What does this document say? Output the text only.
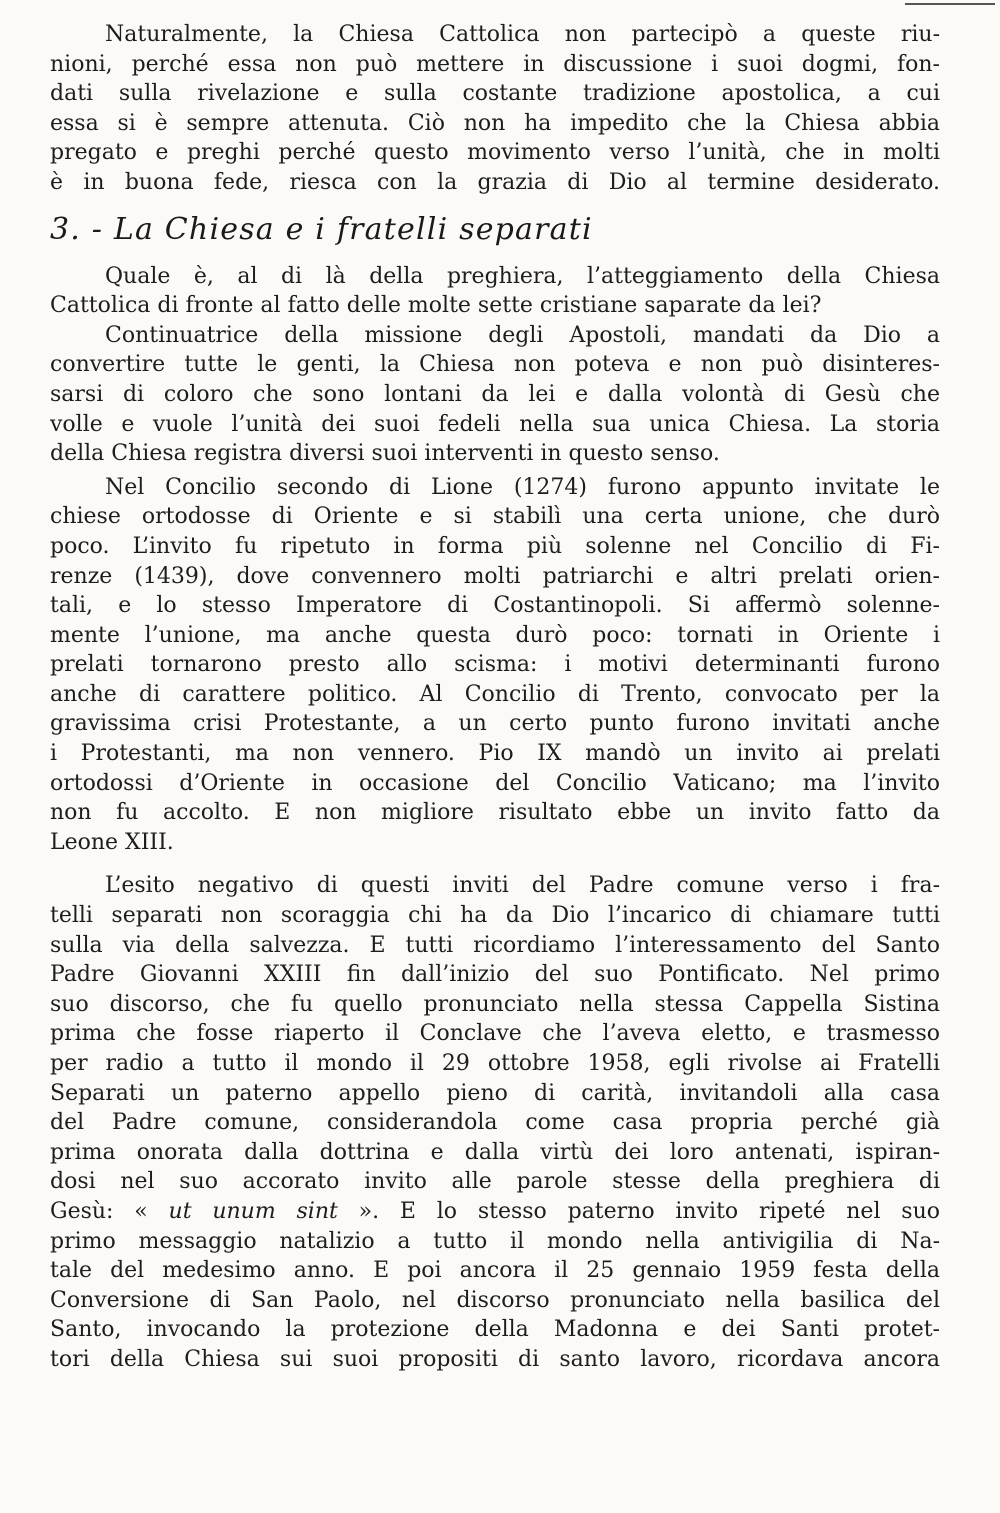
Naturalmente, la Chiesa Cattolica non partecipò a queste riu-

nioni, perché essa non può mettere in discussione i suoi dogmi, fon-

dati sulla rivelazione e sulla costante tradizione apostolica, a cui

essa si è sempre attenuta. Ciò non ha impedito che la Chiesa abbia

pregato e preghi perché questo movimento verso l’unità, che in molti

è in buona fede, riesca con la grazia di Dio al termine desiderato.

3. - La Chiesa e i fratelli separati

Quale è, al di là della preghiera, l’atteggiamento della Chiesa

Cattolica di fronte al fatto delle molte sette cristiane saparate da lei?

Continuatrice della missione degli Apostoli, mandati da Dio a

convertire tutte le genti, la Chiesa non poteva e non può disinteres-

sarsi di coloro che sono lontani da lei e dalla volontà di Gesù che

volle e vuole l’unità dei suoi fedeli nella sua unica Chiesa. La storia

della Chiesa registra diversi suoi interventi in questo senso.

Nel Concilio secondo di Lione (1274) furono appunto invitate le

chiese ortodosse di Oriente e si stabilì una certa unione, che durò

poco. L’invito fu ripetuto in forma più solenne nel Concilio di Fi-

renze (1439), dove convennero molti patriarchi e altri prelati orien-

tali, e lo stesso Imperatore di Costantinopoli. Si affermò solenne-

mente l’unione, ma anche questa durò poco: tornati in Oriente i

prelati tornarono presto allo scisma: i motivi determinanti furono

anche di carattere politico. Al Concilio di Trento, convocato per la

gravissima crisi Protestante, a un certo punto furono invitati anche

i Protestanti, ma non vennero. Pio IX mandò un invito ai prelati

ortodossi d’Oriente in occasione del Concilio Vaticano; ma l’invito

non fu accolto. E non migliore risultato ebbe un invito fatto da

Leone XIII.

L’esito negativo di questi inviti del Padre comune verso i fra-

telli separati non scoraggia chi ha da Dio l’incarico di chiamare tutti

sulla via della salvezza. E tutti ricordiamo l’interessamento del Santo

Padre Giovanni XXIII fin dall’inizio del suo Pontificato. Nel primo

suo discorso, che fu quello pronunciato nella stessa Cappella Sistina

prima che fosse riaperto il Conclave che l’aveva eletto, e trasmesso

per radio a tutto il mondo il 29 ottobre 1958, egli rivolse ai Fratelli

Separati un paterno appello pieno di carità, invitandoli alla casa

del Padre comune, considerandola come casa propria perché già

prima onorata dalla dottrina e dalla virtù dei loro antenati, ispiran-

dosi nel suo accorato invito alle parole stesse della preghiera di

Gesù: « ut unum sint ». E lo stesso paterno invito ripeté nel suo

primo messaggio natalizio a tutto il mondo nella antivigilia di Na-

tale del medesimo anno. E poi ancora il 25 gennaio 1959 festa della

Conversione di San Paolo, nel discorso pronunciato nella basilica del

Santo, invocando la protezione della Madonna e dei Santi protet-

tori della Chiesa sui suoi propositi di santo lavoro, ricordava ancora
